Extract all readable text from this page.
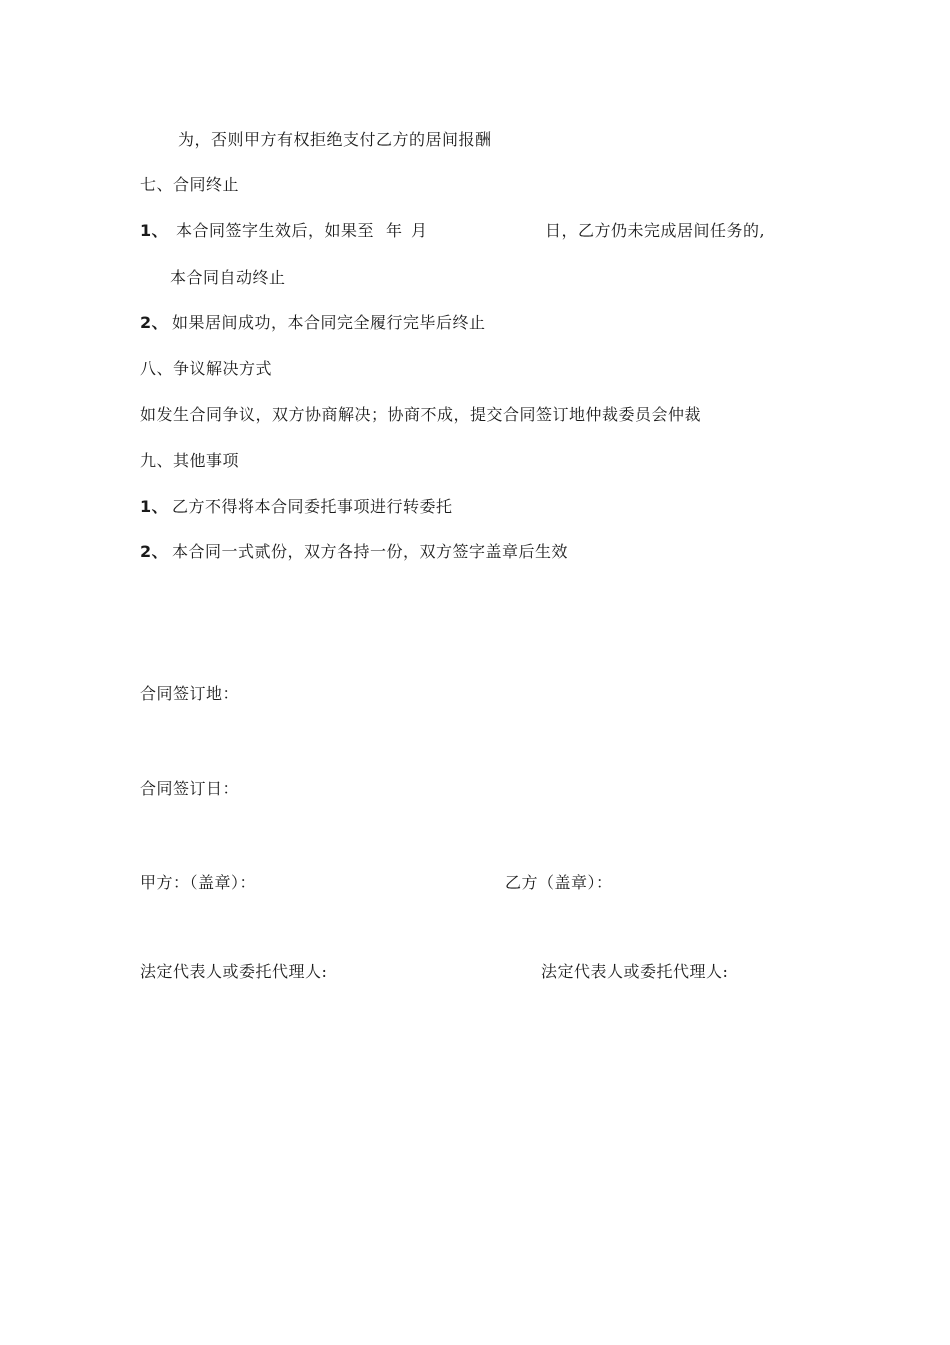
为，否则甲方有权拒绝支付乙方的居间报酬
七、合同终止
1、 本合同签字生效后，如果至 年 月	日，乙方仍未完成居间任务的,
本合同自动终止
2、 如果居间成功，本合同完全履行完毕后终止
八、争议解决方式
如发生合同争议，双方协商解决；协商不成，提交合同签订地仲裁委员会仲裁
九、其他事项
1、 乙方不得将本合同委托事项进行转委托
2、 本合同一式贰份，双方各持一份，双方签字盖章后生效
合同签订地：
合同签订日：
甲方：（盖章）：	乙方（盖章）：
法定代表人或委托代理人:	法定代表人或委托代理人:
